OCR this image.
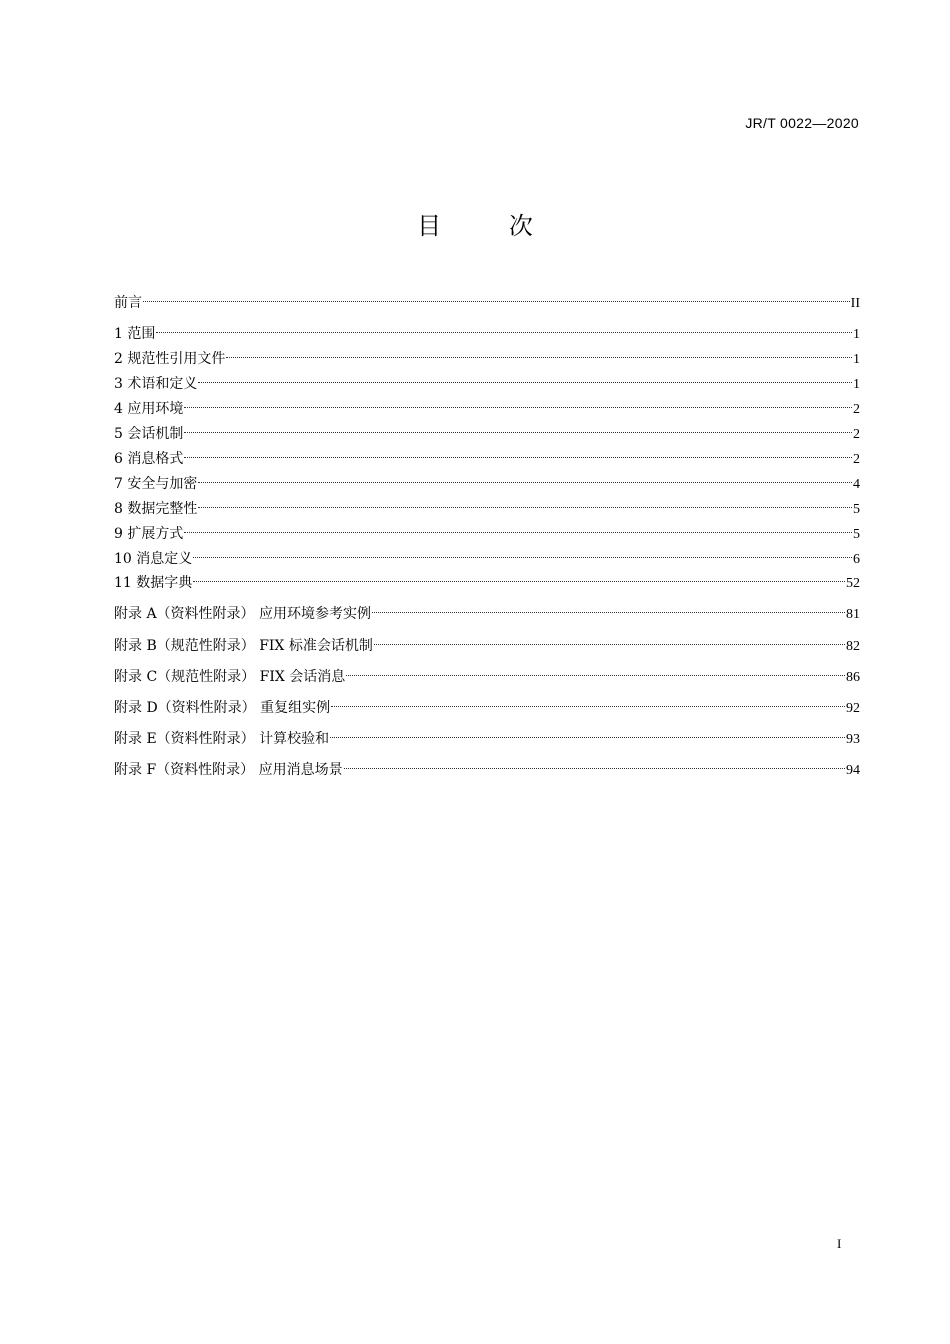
JR/T 0022—2020
目	次
前言	II
1 范围	1
2 规范性引用文件	1
3 术语和定义	1
4 应用环境	2
5 会话机制	2
6 消息格式	2
7 安全与加密	4
8 数据完整性	5
9 扩展方式	5
10 消息定义	6
11 数据字典	52
附录 A（资料性附录） 应用环境参考实例	81
附录 B（规范性附录） FIX 标准会话机制	82
附录 C（规范性附录） FIX 会话消息	86
附录 D（资料性附录） 重复组实例	92
附录 E（资料性附录） 计算校验和	93
附录 F（资料性附录） 应用消息场景	94
I
